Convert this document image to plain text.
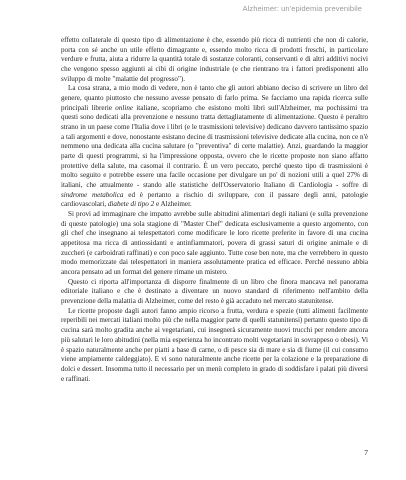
Alzheimer: un'epidemia prevenibile

effetto collaterale di questo tipo di alimentazione è che, essendo più ricca di nutrienti che non di calorie, porta con sé anche un utile effetto dimagrante e, essendo molto ricca di prodotti freschi, in particolare verdure e frutta, aiuta a ridurre la quantità totale di sostanze coloranti, conservanti e di altri additivi nocivi che vengono spesso aggiunti ai cibi di origine industriale (e che rientrano tra i fattori predisponenti allo sviluppo di molte "malattie del progresso").

La cosa strana, a mio modo di vedere, non è tanto che gli autori abbiano deciso di scrivere un libro del genere, quanto piuttosto che nessuno avesse pensato di farlo prima. Se facciamo una rapida ricerca sulle principali librerie online italiane, scopriamo che esistono molti libri sull'Alzheimer, ma pochissimi tra questi sono dedicati alla prevenzione e nessuno tratta dettagliatamente di alimentazione. Questo è peraltro strano in un paese come l'Italia dove i libri (e le trasmissioni televisive) dedicano davvero tantissimo spazio a tali argomenti e dove, nonostante esistano decine di trasmissioni televisive dedicate alla cucina, non ce n'è nemmeno una dedicata alla cucina salutare (o "preventiva" di certe malattie). Anzi, guardando la maggior parte di questi programmi, si ha l'impressione opposta, ovvero che le ricette proposte non siano affatto protettive della salute, ma casomai il contrario. È un vero peccato, perché questo tipo di trasmissioni è molto seguito e potrebbe essere una facile occasione per divulgare un po' di nozioni utili a quel 27% di italiani, che attualmente - stando alle statistiche dell'Osservatorio Italiano di Cardiologia - soffre di sindrome metabolica ed è pertanto a rischio di sviluppare, con il passare degli anni, patologie cardiovascolari, diabete di tipo 2 e Alzheimer.

Si provi ad immaginare che impatto avrebbe sulle abitudini alimentari degli italiani (e sulla prevenzione di queste patologie) una sola stagione di "Master Chef" dedicata esclusivamente a questo argomento, con gli chef che insegnano ai telespettatori come modificare le loro ricette preferite in favore di una cucina appetitosa ma ricca di antiossidanti e antinfiammatori, povera di grassi saturi di origine animale e di zuccheri (e carboidrati raffinati) e con poco sale aggiunto. Tutte cose ben note, ma che verrebbero in questo modo memorizzate dai telespettatori in maniera assolutamente pratica ed efficace. Perché nessuno abbia ancora pensato ad un format del genere rimane un mistero.

Questo ci riporta all'importanza di disporre finalmente di un libro che finora mancava nel panorama editoriale italiano e che è destinato a diventare un nuovo standard di riferimento nell'ambito della prevenzione della malattia di Alzheimer, come del resto è già accaduto nel mercato statunitense.

Le ricette proposte dagli autori fanno ampio ricorso a frutta, verdura e spezie (tutti alimenti facilmente reperibili nei mercati italiani molto più che nella maggior parte di quelli statunitensi) pertanto questo tipo di cucina sarà molto gradita anche ai vegetariani, cui insegnerà sicuramente nuovi trucchi per rendere ancora più salutari le loro abitudini (nella mia esperienza ho incontrato molti vegetariani in sovrappeso o obesi). Vi è spazio naturalmente anche per piatti a base di carne, o di pesce sia di mare e sia di fiume (il cui consumo viene ampiamente caldeggiato). E vi sono naturalmente anche ricette per la colazione e la preparazione di dolci e dessert. Insomma tutto il necessario per un menù completo in grado di soddisfare i palati più diversi e raffinati.

7
